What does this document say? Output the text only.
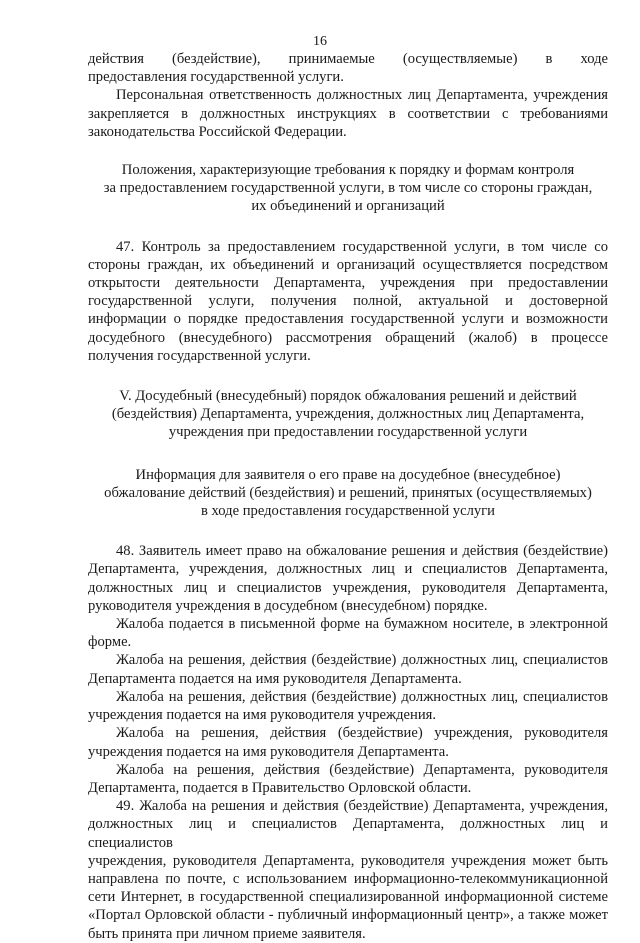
16

действия (бездействие), принимаемые (осуществляемые) в ходе
предоставления государственной услуги.

Персональная ответственность должностных лиц Департамента, учреждения
закрепляется в должностных инструкциях в соответствии с требованиями
законодательства Российской Федерации.

Положения, характеризующие требования к порядку и формам контроля
за предоставлением государственной услуги, в том числе со стороны граждан,
их объединений и организаций

47. Контроль за предоставлением государственной услуги, в том числе со
стороны граждан, их объединений и организаций осуществляется посредством
открытости деятельности Департамента, учреждения при предоставлении
государственной услуги, получения полной, актуальной и достоверной
информации о порядке предоставления государственной услуги и возможности
досудебного (внесудебного) рассмотрения обращений (жалоб) в процессе
получения государственной услуги.

V. Досудебный (внесудебный) порядок обжалования решений и действий
(бездействия) Департамента, учреждения, должностных лиц Департамента,
учреждения при предоставлении государственной услуги
Информация для заявителя о его праве на досудебное (внесудебное)
обжалование действий (бездействия) и решений, принятых (осуществляемых)
в ходе предоставления государственной услуги

48. Заявитель имеет право на обжалование решения и действия (бездействие)
Департамента, учреждения, должностных лиц и специалистов Департамента,
должностных лиц и специалистов учреждения, руководителя Департамента,
руководителя учреждения в досудебном (внесудебном) порядке.

Жалоба подается в письменной форме на бумажном носителе, в электронной
форме.

Жалоба на решения, действия (бездействие) должностных лиц, специалистов
Департамента подается на имя руководителя Департамента.

Жалоба на решения, действия (бездействие) должностных лиц, специалистов
учреждения подается на имя руководителя учреждения.

Жалоба на решения, действия (бездействие) учреждения, руководителя
учреждения подается на имя руководителя Департамента.

Жалоба на решения, действия (бездействие) Департамента, руководителя
Департамента, подается в Правительство Орловской области.

49. Жалоба на решения и действия (бездействие) Департамента, учреждения,
должностных лиц и специалистов Департамента, должностных лиц и специалистов
учреждения, руководителя Департамента, руководителя учреждения может быть
направлена по почте, с использованием информационно-телекоммуникационной
сети Интернет, в государственной специализированной информационной системе
«Портал Орловской области - публичный информационный центр», а также может
быть принята при личном приеме заявителя.
